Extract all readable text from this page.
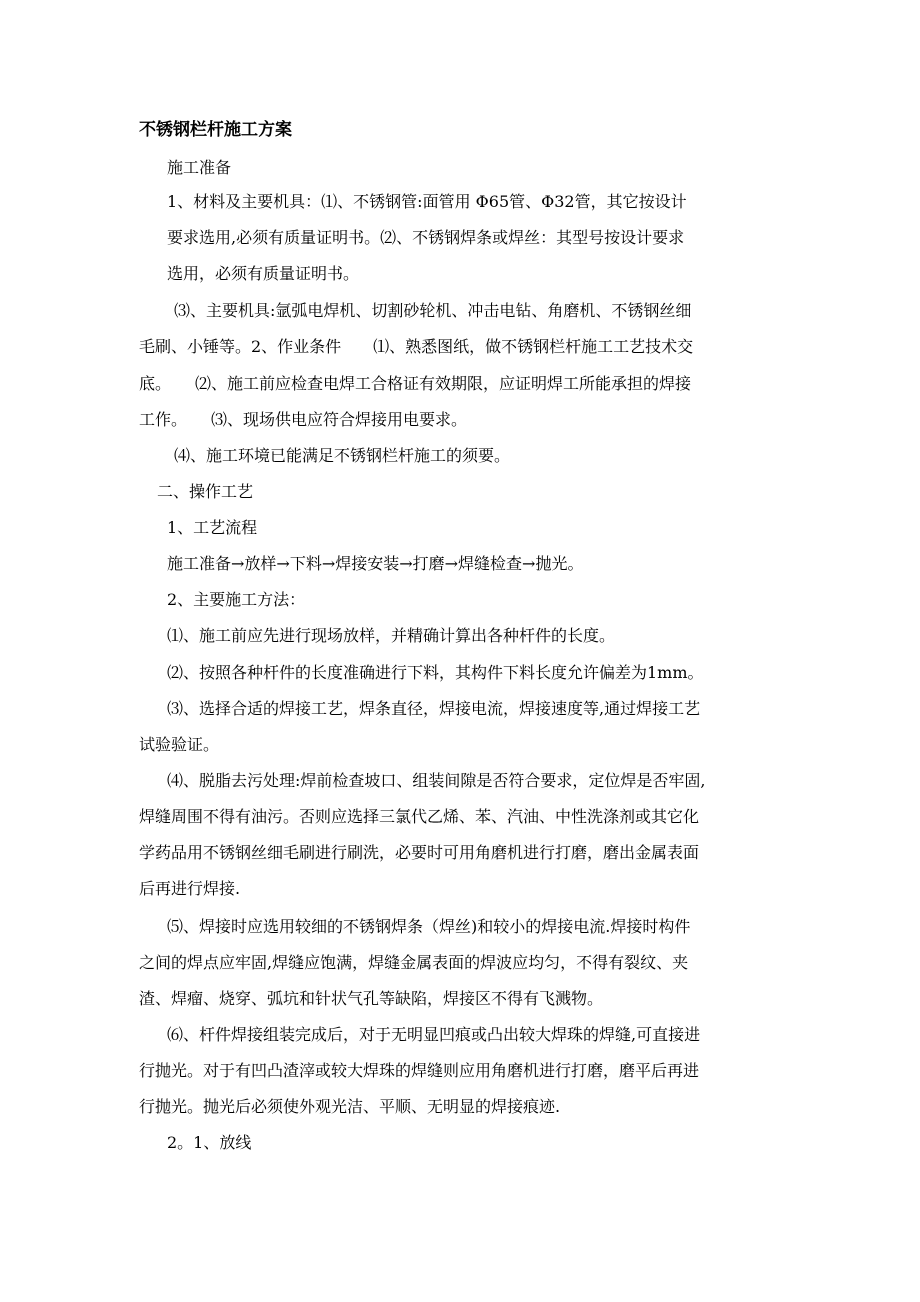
不锈钢栏杆施工方案
施工准备
1、材料及主要机具：⑴、不锈钢管:面管用 Φ65管、Φ32管，其它按设计
要求选用,必须有质量证明书。⑵、不锈钢焊条或焊丝：其型号按设计要求
选用，必须有质量证明书。
⑶、主要机具:氩弧电焊机、切割砂轮机、冲击电钻、角磨机、不锈钢丝细
毛刷、小锤等。2、作业条件　　⑴、熟悉图纸，做不锈钢栏杆施工工艺技术交
底。　　⑵、施工前应检查电焊工合格证有效期限，应证明焊工所能承担的焊接
工作。　　⑶、现场供电应符合焊接用电要求。
⑷、施工环境已能满足不锈钢栏杆施工的须要。
二、操作工艺
1、工艺流程
施工准备→放样→下料→焊接安装→打磨→焊缝检查→抛光。
2、主要施工方法：
⑴、施工前应先进行现场放样，并精确计算出各种杆件的长度。
⑵、按照各种杆件的长度准确进行下料，其构件下料长度允许偏差为1mm。
⑶、选择合适的焊接工艺，焊条直径，焊接电流，焊接速度等,通过焊接工艺
试验验证。
⑷、脱脂去污处理:焊前检查坡口、组装间隙是否符合要求，定位焊是否牢固,
焊缝周围不得有油污。否则应选择三氯代乙烯、苯、汽油、中性洗涤剂或其它化
学药品用不锈钢丝细毛刷进行刷洗，必要时可用角磨机进行打磨，磨出金属表面
后再进行焊接.
⑸、焊接时应选用较细的不锈钢焊条（焊丝)和较小的焊接电流.焊接时构件
之间的焊点应牢固,焊缝应饱满，焊缝金属表面的焊波应均匀，不得有裂纹、夹
渣、焊瘤、烧穿、弧坑和针状气孔等缺陷，焊接区不得有飞溅物。
⑹、杆件焊接组装完成后，对于无明显凹痕或凸出较大焊珠的焊缝,可直接进
行抛光。对于有凹凸渣滓或较大焊珠的焊缝则应用角磨机进行打磨，磨平后再进
行抛光。抛光后必须使外观光洁、平顺、无明显的焊接痕迹.
2。1、放线
